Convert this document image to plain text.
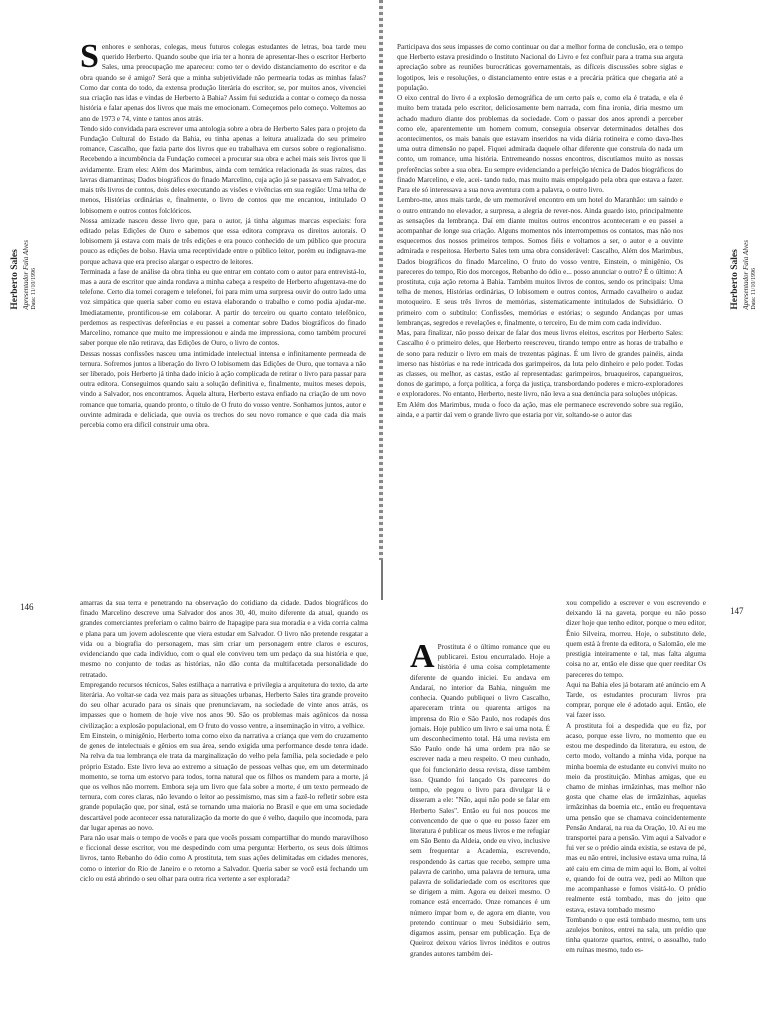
Herberto Sales Apresentador Fala Alves Data: 11/10/1996
S enhores e senhoras, colegas, meus futuros colegas estudantes de letras, boa tarde meu querido Herberto. Quando soube que iria ter a honra de apresentar-lhes o escritor Herberto Sales, uma preocupação me apareceu: como ter o devido distanciamento do escritor e da obra quando se é amigo? Será que a minha subjetividade não permearia todas as minhas falas? Como dar conta do todo, da extensa produção literária do escritor, se, por muitos anos, vivenciei sua criação nas idas e vindas de Herberto à Bahia? Assim fui seduzida a contar o começo da nossa história e falar apenas dos livros que mais me emocionam. Começemos pelo começo. Voltemos ao ano de 1973 e 74, vinte e tantos anos atrás.

Tendo sido convidada para escrever uma antologia sobre a obra de Herberto Sales para o projeto da Fundação Cultural do Estado da Bahia, eu tinha apenas a leitura atualizada do seu primeiro romance, Cascalho, que fazia parte dos livros que eu trabalhava em cursos sobre o regionalismo. Recebendo a incumbência da Fundação comecei a procurar sua obra e achei mais seis livros que li avidamente. Eram eles: Além dos Marimbus, ainda com temática relacionada às suas raízes, das lavras diamantinas; Dados biográficos do finado Marcelino, cuja ação já se passava em Salvador, e mais três livros de contos, dois deles executando as visões e vivências em sua região: Uma telha de menos, Histórias ordinárias e, finalmente, o livro de contos que me encantou, intitulado O lobisomem e outros contos folclóricos.

Nossa amizade nasceu desse livro que, para o autor, já tinha algumas marcas especiais: fora editado pelas Edições de Ouro e sabemos que essa editora comprava os direitos autorais. O lobisomem já estava com mais de três edições e era pouco conhecido de um público que procura pouco as edições de bolso. Havia uma receptividade entre o público leitor, porém eu indignava-me porque achava que era preciso alargar o espectro de leitores.

Terminada a fase de análise da obra tinha eu que entrar em contato com o autor para entrevistá-lo, mas a aura de escritor que ainda rondava a minha cabeça a respeito de Herberto afugentava-me do telefone. Certo dia tomei coragem e telefonei, foi para mim uma surpresa ouvir do outro lado uma voz simpática que queria saber como eu estava elaborando o trabalho e como podia ajudar-me. Imediatamente, prontificou-se em colaborar. A partir do terceiro ou quarto contato telefônico, perdemos as respectivas deferências e eu passei a comentar sobre Dados biográficos do finado Marcelino, romance que muito me impressionou e ainda me impressiona, como também procurei saber porque ele não retirava, das Edições de Ouro, o livro de contos.

Dessas nossas confissões nasceu uma intimidade intelectual intensa e infinitamente permeada de ternura. Sofremos juntos a liberação do livro O lobisomem das Edições de Ouro, que tornava a não ser liberado, pois Herberto já tinha dado início à ação complicada de retirar o livro para passar para outra editora. Conseguimos quando saiu a solução definitiva e, finalmente, muitos meses depois, vindo a Salvador, nos encontramos. Àquela altura, Herberto estava enfiado na criação de um novo romance que tomaria, quando pronto, o título de O fruto do vosso ventre. Sonhamos juntos, autor e ouvinte admirada e deliciada, que ouvia os trechos do seu novo romance e que cada dia mais percebia como era difícil construir uma obra.

Participava dos seus impasses de como continuar ou dar a melhor forma de conclusão, era o tempo que Herberto estava presidindo o Instituto Nacional do Livro e fez confluir para a trama sua arguta apreciação sobre as reuniões burocráticas governamentais, as difíceis discussões sobre siglas e logotipos, leis e resoluções, o distanciamento entre estas e a precária prática que chegaria até a população.

O eixo central do livro é a explosão demográfica de um certo país e, como ela é tratada, e ela é muito bem tratada pelo escritor, deliciosamente bem narrada, com fina ironia, diria mesmo um achado maduro diante dos problemas da sociedade. Com o passar dos anos aprendi a perceber como ele, aparentemente um homem comum, conseguia observar determinados detalhes dos acontecimentos, os mais banais que estavam inseridos na vida diária rotineira e como dava-lhes uma outra dimensão no papel. Fiquei admirada daquele olhar diferente que construía do nada um conto, um romance, uma história. Entremeando nossos encontros, discutíamos muito as nossas preferências sobre a sua obra. Eu sempre evidenciando a perfeição técnica de Dados biográficos do finado Marcelino, e ele, acei- tando tudo, mas muito mais empolgado pela obra que estava a fazer. Para ele só interessava a sua nova aventura com a palavra, o outro livro.

Lembro-me, anos mais tarde, de um memorável encontro em um hotel do Maranhão: um saindo e o outro entrando no elevador, a surpresa, a alegria de rever-nos. Ainda guardo isto, principalmente as sensações da lembrança. Daí em diante muitos outros encontros aconteceram e eu passei a acompanhar de longe sua criação. Alguns momentos nós interrompemos os contatos, mas não nos esquecemos dos nossos primeiros tempos. Somos fiéis e voltamos a ser, o autor e a ouvinte admirada e respeitosa. Herberto Sales tem uma obra considerável: Cascalho, Além dos Marimbus, Dados biográficos do finado Marcelino, O fruto do vosso ventre, Einstein, o minigênio, Os pareceres do tempo, Rio dos morcegos, Rebanho do ódio e... posso anunciar o outro? É o último: A prostituta, cuja ação retorna à Bahia. Também muitos livros de contos, sendo os principais: Uma telha de menos, Histórias ordinárias, O lobisomem e outros contos, Armado cavalheiro o audaz motoqueiro. E seus três livros de memórias, sistematicamente intitulados de Subsidiário. O primeiro com o subtítulo: Confissões, memórias e estórias; o segundo Andanças por umas lembranças, segredos e revelações e, finalmente, o terceiro, Eu de mim com cada indivíduo.

Mas, para finalizar, não posso deixar de falar dos meus livros eleitos, escritos por Herberto Sales: Cascalho é o primeiro deles, que Herberto reescreveu, tirando tempo entre as horas de trabalho e de sono para reduzir o livro em mais de trezentas páginas. É um livro de grandes painéis, ainda imerso nas histórias e na rede intricada dos garimpeiros, da luta pelo dinheiro e pelo poder. Todas as classes, ou melhor, as castas, estão aí representadas: garimpeiros, bruaqueiros, capangueiros, donos de garimpo, a força política, a força da justiça, transbordando poderes e micro-exploradores e exploradores. No entanto, Herberto, neste livro, não leva a sua denúncia para soluções utópicas.

Em Além dos Marimbus, muda o foco da ação, mas ele permanece escrevendo sobre sua região, ainda, e a partir daí vem o grande livro que estaria por vir, soltando-se o autor das

Herberto Sales Apresentador Fala Alves Data: 11/10/1996
146	amarras da sua terra e penetrando na observação do cotidiano da cidade. Dados biográficos do finado Marcelino descreve uma Salvador dos anos 30, 40, muito diferente da atual, quando os grandes comerciantes preferiam o calmo bairro de Itapagipe para sua moradia e a vida corria calma e plana para um jovem adolescente que viera estudar em Salvador. O livro não pretende resgatar a vida ou a biografia do personagem, mas sim criar um personagem entre claros e escuros, evidenciando que cada indivíduo, com o qual ele conviveu tem um pedaço da sua história e que, mesmo no conjunto de todas as histórias, não dão conta da multifacetada personalidade do retratado.

Empregando recursos técnicos, Sales estilhaça a narrativa e privilegia a arquitetura do texto, da arte literária. Ao voltar-se cada vez mais para as situações urbanas, Herberto Sales tira grande proveito do seu olhar acurado para os sinais que prenunciavam, na sociedade de vinte anos atrás, os impasses que o homem de hoje vive nos anos 90. São os problemas mais agônicos da nossa civilização: a explosão populacional, em O fruto do vosso ventre, a inseminação in vitro, a velhice.

Em Einstein, o minigênio, Herberto toma como eixo da narrativa a criança que vem do cruzamento de genes de intelectuais e gênios em sua área, sendo exigida uma performance desde tenra idade. Na relva da tua lembrança ele trata da marginalização do velho pela família, pela sociedade e pelo próprio Estado. Este livro leva ao extremo a situação de pessoas velhas que, em um determinado momento, se torna um estorvo para todos, torna natural que os filhos os mandem para a morte, já que os velhos não morrem. Embora seja um livro que fala sobre a morte, é um texto permeado de ternura, com cores claras, não levando o leitor ao pessimismo, mas sim a fazê-lo refletir sobre esta grande população que, por sinal, está se tornando uma maioria no Brasil e que em uma sociedade descartável pode acontecer essa naturalização da morte do que é velho, daquilo que incomoda, para dar lugar apenas ao novo.

Para não usar mais o tempo de vocês e para que vocês possam compartilhar do mundo maravilhoso e ficcional desse escritor, vou me despedindo com uma pergunta: Herberto, os seus dois últimos livros, tanto Rebanho do ódio como A prostituta, tem suas ações delimitadas em cidades menores, como o interior do Rio de Janeiro e o retorno a Salvador. Queria saber se você está fechando um ciclo ou está abrindo o seu olhar para outra rica vertente a ser explorada?

A Prostituta é o último romance que eu publicarei. Estou encurralado. Hoje a história é uma coisa completamente diferente de quando iniciei. Eu andava em Andaraí, no interior da Bahia, ninguém me conhecia. Quando publiquei o livro Cascalho, apareceram trinta ou quarenta artigos na imprensa do Rio e São Paulo, nos rodapés dos jornais. Hoje publico um livro e sai uma nota. É um desconhecimento total. Há uma revista em São Paulo onde há uma ordem pra não se escrever nada a meu respeito. O meu cunhado, que foi funcionário dessa revista, disse também isso. Quando foi lançado Os pareceres do tempo, ele pegou o livro para divulgar lá e disseram a ele: "Não, aqui não pode se falar em Herberto Sales". Então eu fui nos poucos me convencendo de que o que eu posso fazer em literatura é publicar os meus livros e me refugiar em São Bento da Aldeia, onde eu vivo, inclusive sem frequentar a Academia, escrevendo, respondendo às cartas que recebo, sempre uma palavra de carinho, uma palavra de ternura, uma palavra de solidariedade com os escritores que se dirigem a mim. Agora eu deixei mesmo. O romance está encerrado. Onze romances é um número ímpar bom e, de agora em diante, vou pretendo continuar o meu Subsidiário sem, digamos assim, pensar em publicação. Eça de Queiroz deixou vários livros inéditos e outros grandes autores também dei-

xou compelido a escrever e vou escrevendo e deixando lá na gaveta, porque eu não posso dizer hoje que tenho editor, porque o meu editor, Ênio Silveira, morreu. Hoje, o substituto dele, quem está à frente da editora, o Salomão, ele me prestigia inteiramente e tal, mas falta alguma coisa no ar, então ele disse que quer reeditar Os pareceres do tempo.

Aqui na Bahia eles já botaram até anúncio em A Tarde, os estudantes procuram livros pra comprar, porque ele é adotado aqui. Então, ele vai fazer isso.

A prostituta foi a despedida que eu fiz, por acaso, porque esse livro, no momento que eu estou me despedindo da literatura, eu estou, de certo modo, voltando a minha vida, porque na minha boemia de estudante eu convivi muito no meio da prostituição. Minhas amigas, que eu chamo de minhas irmãzinhas, mas melhor não gosta que chame elas de irmãzinhas, aquelas irmãzinhas da boemia etc., então eu frequentava uma pensão que se chamava coincidentemente Pensão Andaraí, na rua da Oração, 10. Aí eu me transportei para a pensão. Vim aqui a Salvador e fui ver se o prédio ainda existia, se estava de pé, mas eu não entrei, inclusive estava uma ruína, lá até caiu em cima de mim aqui lo. Bom, aí voltei e, quando foi de outra vez, pedi ao Milton que me acompanhasse e fomos visitá-lo. O prédio realmente está tombado, mas do jeito que estava, estava tombado mesmo

Tombando o que está tombado mesmo, tem uns azulejos bonitos, entrei na sala, um prédio que tinha quatorze quartos, entrei, o assoalho, tudo em ruínas mesmo, tudo es-

147
